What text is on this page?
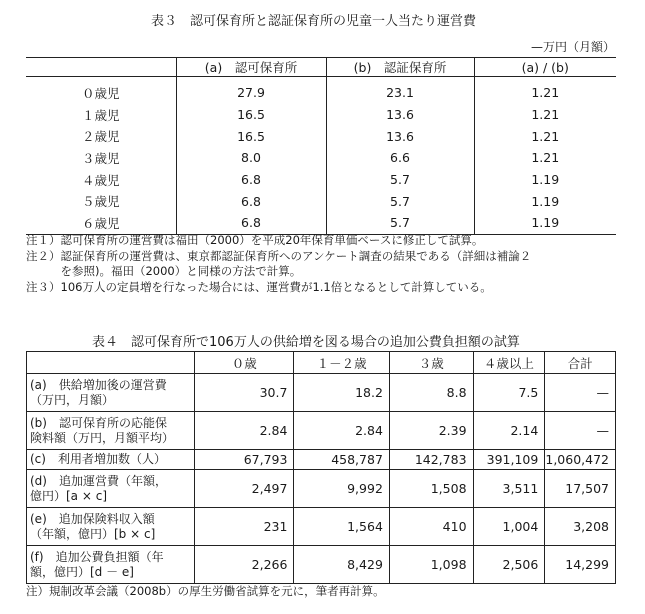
表３　認可保育所と認証保育所の児童一人当たり運営費
—万円（月額）
	(a)　認可保育所	(b)　認証保育所	(a) / (b)
０歳児	27.9	23.1	1.21
１歳児	16.5	13.6	1.21
２歳児	16.5	13.6	1.21
３歳児	8.0	6.6	1.21
４歳児	6.8	5.7	1.19
５歳児	6.8	5.7	1.19
６歳児	6.8	5.7	1.19
注１）認可保育所の運営費は福田（2000）を平成20年保育単価ベースに修正して試算。
注２）認証保育所の運営費は、東京都認証保育所へのアンケート調査の結果である（詳細は補論２
　　　を参照)。福田（2000）と同様の方法で計算。
注３）106万人の定員増を行なった場合には、運営費が1.1倍となるとして計算している。
表４　認可保育所で106万人の供給増を図る場合の追加公費負担額の試算
	０歳	１－２歳	３歳	４歳以上	合計

(a)　供給増加後の運営費
（万円，月額）	30.7	18.2	8.8	7.5	—

(b)　認可保育所の応能保
険料額（万円，月額平均）	2.84	2.84	2.39	2.14	—

(c)　利用者増加数（人）	67,793	458,787	142,783	391,109	1,060,472

(d)　追加運営費（年額，
億円）[a × c]	2,497	9,992	1,508	3,511	17,507

(e)　追加保険料収入額
（年額，億円）[b × c]	231	1,564	410	1,004	3,208

(f)　追加公費負担額（年
額，億円）[d － e]	2,266	8,429	1,098	2,506	14,299
注）規制改革会議（2008b）の厚生労働省試算を元に，筆者再計算。
